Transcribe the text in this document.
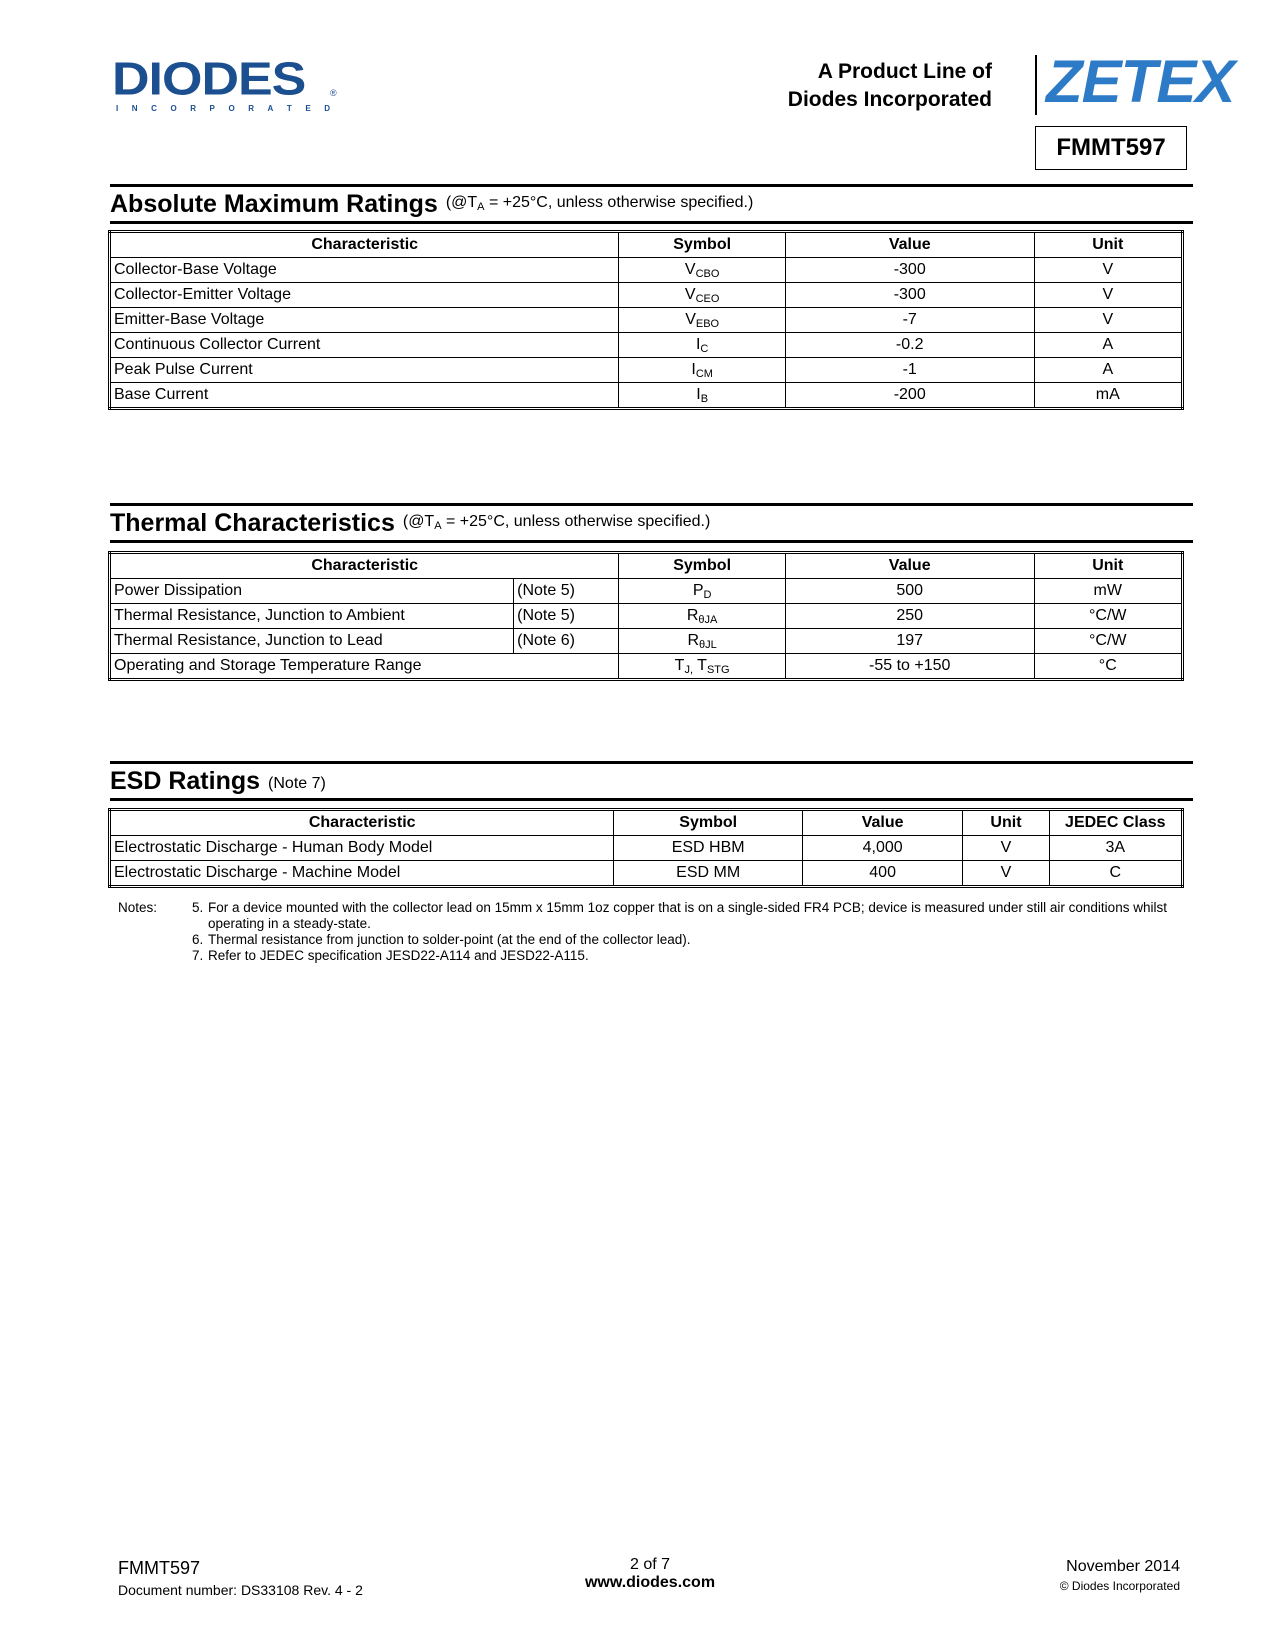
DIODES	®
I N C O R P O R A T E D
A Product Line of
Diodes Incorporated ZETEX
FMMT597
Absolute Maximum Ratings ($@T_A = +25^\circ C$, unless otherwise specified.)
Characteristic	Symbol	Value	Unit
Collector-Base Voltage	$V_{CBO}$	-300	V
Collector-Emitter Voltage	$V_{CEO}$	-300	V
Emitter-Base Voltage	$V_{EBO}$	-7	V
Continuous Collector Current	$I_C$	-0.2	A
Peak Pulse Current	$I_{CM}$	-1	A
Base Current	$I_B$	-200	mA
Thermal Characteristics ($@T_A = +25^\circ C$, unless otherwise specified.)
Characteristic		Symbol	Value	Unit
Power Dissipation	(Note 5)	$P_D$	500	mW
Thermal Resistance, Junction to Ambient	(Note 5)	$R_{\theta JA}$	250	°C/W
Thermal Resistance, Junction to Lead	(Note 6)	$R_{\theta JL}$	197	°C/W
Operating and Storage Temperature Range		$T_{J,}$ $T_{STG}$	-55 to +150	°C
ESD Ratings (Note 7)
Characteristic	Symbol	Value	Unit	JEDEC Class
Electrostatic Discharge - Human Body Model	ESD HBM	4,000	V	3A
Electrostatic Discharge - Machine Model	ESD MM	400	V	C
Notes:	5. For a device mounted with the collector lead on 15mm x 15mm 1oz copper that is on a single-sided FR4 PCB; device is measured under still air conditions whilst operating in a steady-state.
6. Thermal resistance from junction to solder-point (at the end of the collector lead).
7. Refer to JEDEC specification JESD22-A114 and JESD22-A115.
FMMT597
Document number: DS33108 Rev. 4 - 2
2 of 7
www.diodes.com
November 2014
© Diodes Incorporated
